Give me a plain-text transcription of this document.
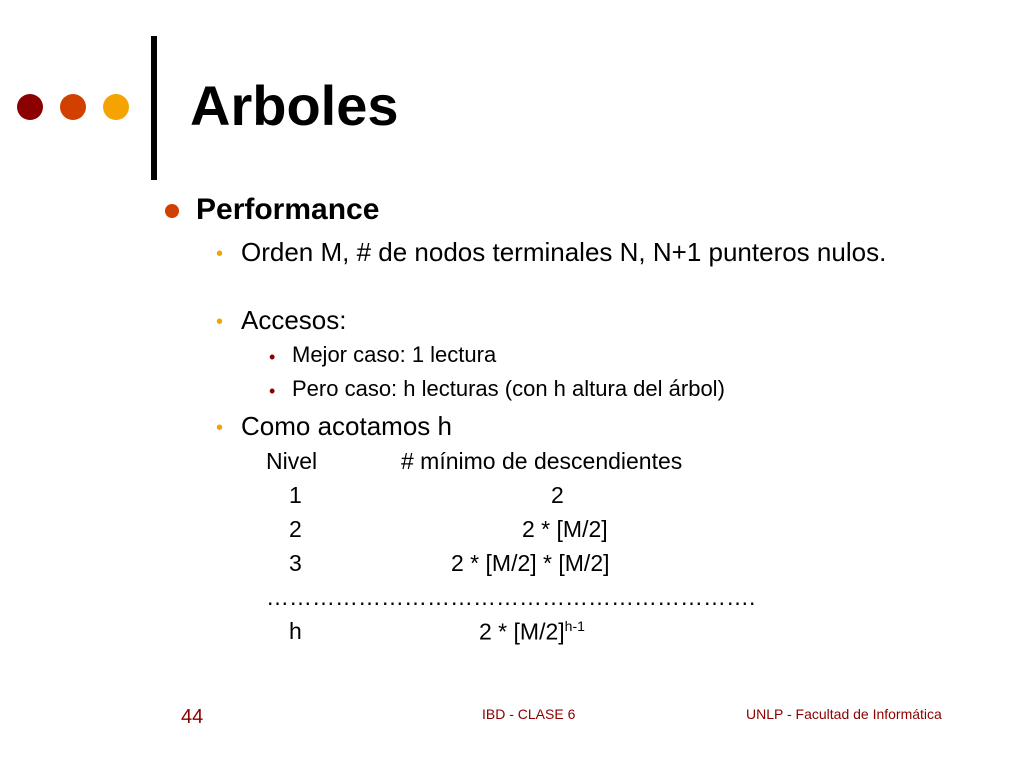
Arboles
Performance
• Orden M, # de nodos terminales N, N+1 punteros nulos.
• Accesos:
• Mejor caso: 1 lectura
• Pero caso: h lecturas (con h altura del árbol)
• Como acotamos h
Nivel	# mínimo de descendientes
1	2
2	2 * [M/2]
3	2 * [M/2] * [M/2]
……………………………………………………….
h	$2 * [M/2]^{h-1}$
44	IBD - CLASE 6	UNLP - Facultad de Informática
